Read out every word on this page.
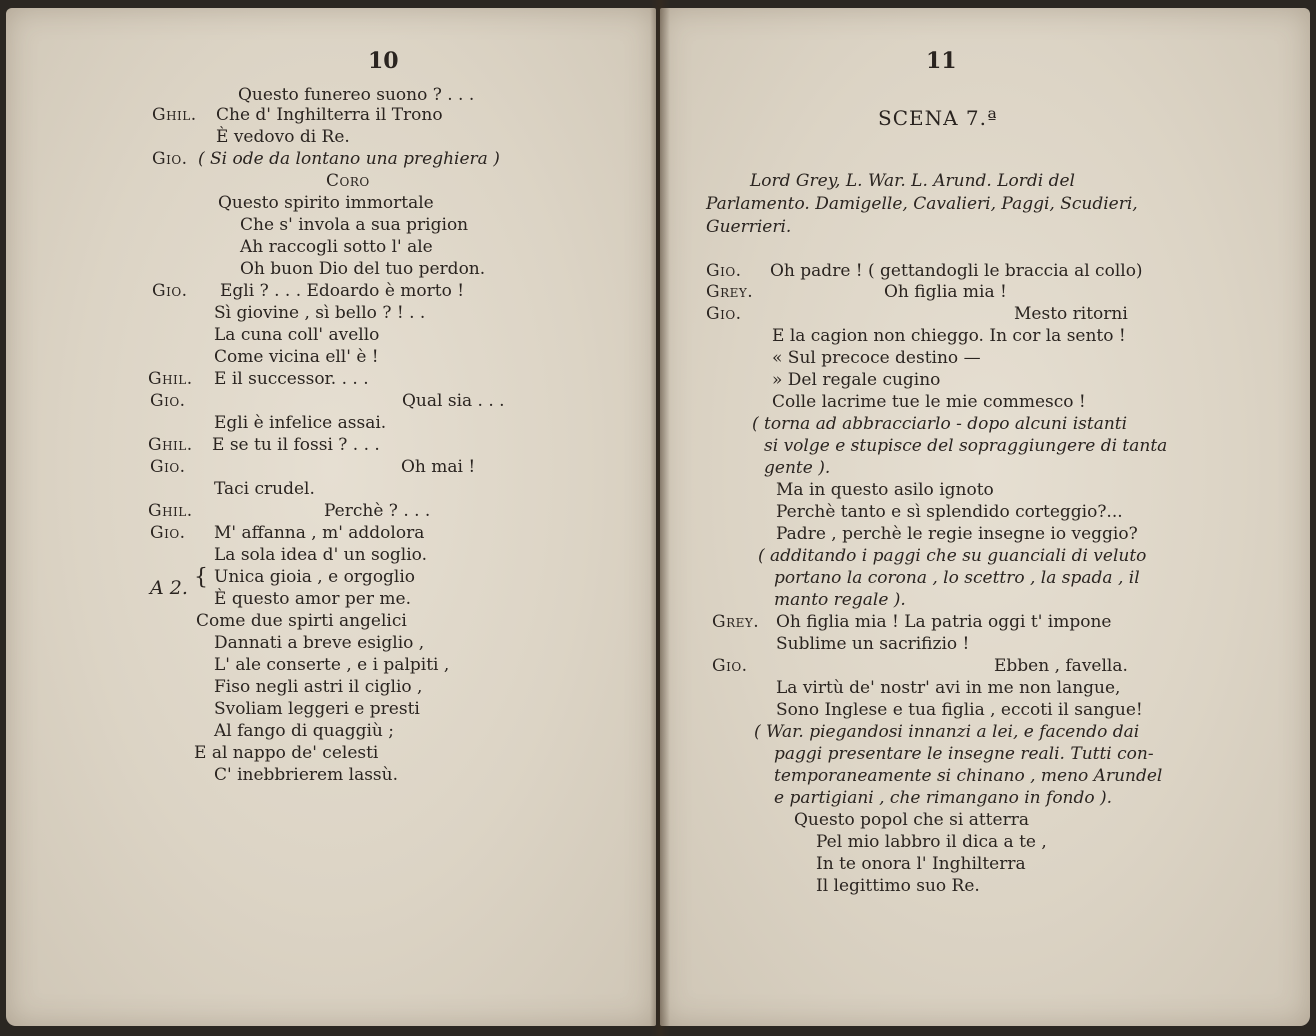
10
Questo funereo suono ? . . .
Ghil. Che d' Inghilterra il Trono
È vedovo di Re.
Gio. ( Si ode da lontano una preghiera )
Coro
Questo spirito immortale
Che s' invola a sua prigion
Ah raccogli sotto l' ale
Oh buon Dio del tuo perdon.
Gio. Egli ? . . . Edoardo è morto !
Sì giovine , sì bello ? ! . .
La cuna coll' avello
Come vicina ell' è !
Ghil. E il successor. . . .
Gio.	Qual sia . . .
Egli è infelice assai.
Ghil. E se tu il fossi ? . . .
Gio.	Oh mai !
Taci crudel.
Ghil.	Perchè ? . . .
Gio. M' affanna , m' addolora
La sola idea d' un soglio.
A 2. { Unica gioia , e orgoglio
È questo amor per me.
Come due spirti angelici
Dannati a breve esiglio ,
L' ale conserte , e i palpiti ,
Fiso negli astri il ciglio ,
Svoliam leggeri e presti
Al fango di quaggiù ;
E al nappo de' celesti
C' inebbrierem lassù.
11
SCENA 7.ª
Lord Grey, L. War. L. Arund. Lordi del
Parlamento. Damigelle, Cavalieri, Paggi, Scudieri,
Guerrieri.
Gio. Oh padre ! ( gettandogli le braccia al collo)
Grey.	Oh figlia mia !
Gio.	Mesto ritorni
E la cagion non chieggo. In cor la sento !
« Sul precoce destino —
» Del regale cugino
Colle lacrime tue le mie commesco !
( torna ad abbracciarlo - dopo alcuni istanti
si volge e stupisce del sopraggiungere di tanta
gente ).
Ma in questo asilo ignoto
Perchè tanto e sì splendido corteggio?...
Padre , perchè le regie insegne io veggio?
( additando i paggi che su guanciali di veluto
portano la corona , lo scettro , la spada , il
manto regale ).
Grey. Oh figlia mia ! La patria oggi t' impone
Sublime un sacrifizio !
Gio.	Ebben , favella.
La virtù de' nostr' avi in me non langue,
Sono Inglese e tua figlia , eccoti il sangue!
( War. piegandosi innanzi a lei, e facendo dai
paggi presentare le insegne reali. Tutti con-
temporaneamente si chinano , meno Arundel
e partigiani , che rimangano in fondo ).
Questo popol che si atterra
Pel mio labbro il dica a te ,
In te onora l' Inghilterra
Il legittimo suo Re.
